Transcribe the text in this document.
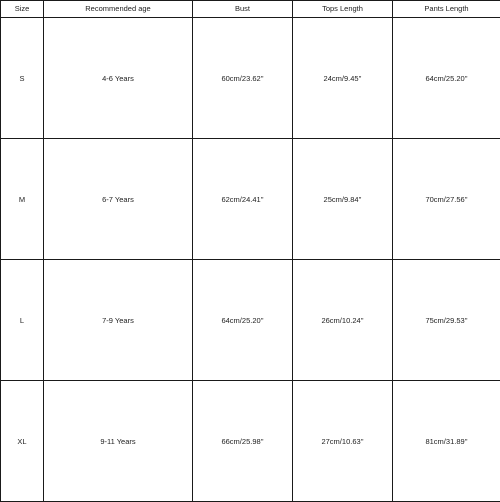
Size	Recommended age	Bust	Tops Length	Pants Length
S	4-6 Years	60cm/23.62''	24cm/9.45''	64cm/25.20''
M	6-7 Years	62cm/24.41''	25cm/9.84''	70cm/27.56''
L	7-9 Years	64cm/25.20''	26cm/10.24''	75cm/29.53''
XL	9-11 Years	66cm/25.98''	27cm/10.63''	81cm/31.89''
